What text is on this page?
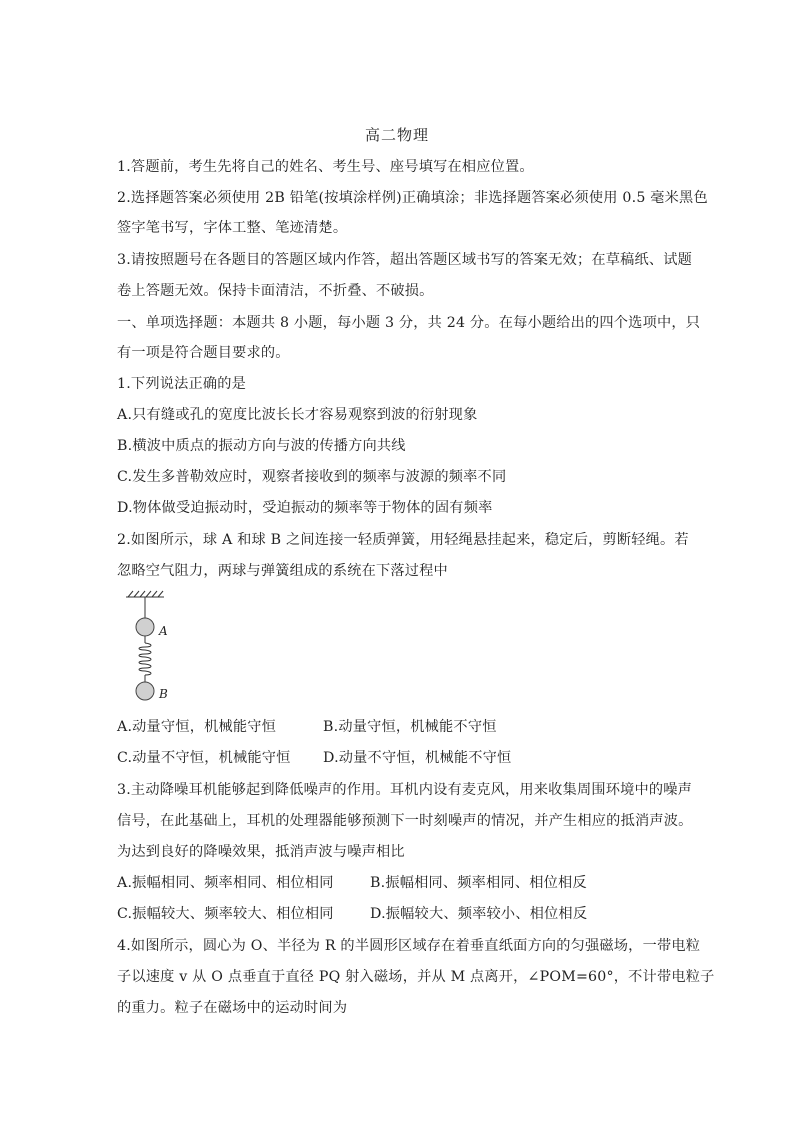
高二物理
1.答题前，考生先将自己的姓名、考生号、座号填写在相应位置。
2.选择题答案必须使用 2B 铅笔(按填涂样例)正确填涂；非选择题答案必须使用 0.5 毫米黑色
签字笔书写，字体工整、笔迹清楚。
3.请按照题号在各题目的答题区域内作答，超出答题区域书写的答案无效；在草稿纸、试题
卷上答题无效。保持卡面清洁，不折叠、不破损。
一、单项选择题：本题共 8 小题，每小题 3 分，共 24 分。在每小题给出的四个选项中，只
有一项是符合题目要求的。
1.下列说法正确的是
A.只有缝或孔的宽度比波长长才容易观察到波的衍射现象
B.横波中质点的振动方向与波的传播方向共线
C.发生多普勒效应时，观察者接收到的频率与波源的频率不同
D.物体做受迫振动时，受迫振动的频率等于物体的固有频率
2.如图所示，球 A 和球 B 之间连接一轻质弹簧，用轻绳悬挂起来，稳定后，剪断轻绳。若
忽略空气阻力，两球与弹簧组成的系统在下落过程中
A
B
A.动量守恒，机械能守恒	B.动量守恒，机械能不守恒
C.动量不守恒，机械能守恒 D.动量不守恒，机械能不守恒
3.主动降噪耳机能够起到降低噪声的作用。耳机内设有麦克风，用来收集周围环境中的噪声
信号，在此基础上，耳机的处理器能够预测下一时刻噪声的情况，并产生相应的抵消声波。
为达到良好的降噪效果，抵消声波与噪声相比
A.振幅相同、频率相同、相位相同	B.振幅相同、频率相同、相位相反
C.振幅较大、频率较大、相位相同	D.振幅较大、频率较小、相位相反
4.如图所示，圆心为 O、半径为 R 的半圆形区域存在着垂直纸面方向的匀强磁场，一带电粒
子以速度 v 从 O 点垂直于直径 PQ 射入磁场，并从 M 点离开，∠POM=60°，不计带电粒子
的重力。粒子在磁场中的运动时间为
